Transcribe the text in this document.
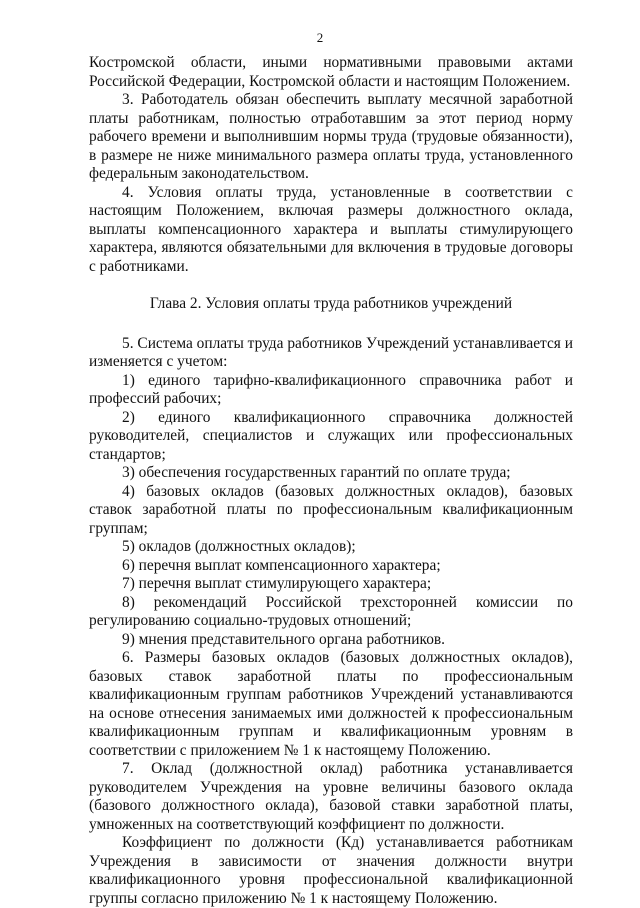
2

Костромской области, иными нормативными правовыми актами Российской Федерации, Костромской области и настоящим Положением.

3. Работодатель обязан обеспечить выплату месячной заработной платы работникам, полностью отработавшим за этот период норму рабочего времени и выполнившим нормы труда (трудовые обязанности), в размере не ниже минимального размера оплаты труда, установленного федеральным законодательством.

4. Условия оплаты труда, установленные в соответствии с настоящим Положением, включая размеры должностного оклада, выплаты компенсационного характера и выплаты стимулирующего характера, являются обязательными для включения в трудовые договоры с работниками.

Глава 2. Условия оплаты труда работников учреждений

5. Система оплаты труда работников Учреждений устанавливается и изменяется с учетом:

1) единого тарифно-квалификационного справочника работ и профессий рабочих;

2) единого квалификационного справочника должностей руководителей, специалистов и служащих или профессиональных стандартов;

3) обеспечения государственных гарантий по оплате труда;

4) базовых окладов (базовых должностных окладов), базовых ставок заработной платы по профессиональным квалификационным группам;

5) окладов (должностных окладов);

6) перечня выплат компенсационного характера;

7) перечня выплат стимулирующего характера;

8) рекомендаций Российской трехсторонней комиссии по регулированию социально-трудовых отношений;

9) мнения представительного органа работников.

6. Размеры базовых окладов (базовых должностных окладов), базовых ставок заработной платы по профессиональным квалификационным группам работников Учреждений устанавливаются на основе отнесения занимаемых ими должностей к профессиональным квалификационным группам и квалификационным уровням в соответствии с приложением № 1 к настоящему Положению.

7. Оклад (должностной оклад) работника устанавливается руководителем Учреждения на уровне величины базового оклада (базового должностного оклада), базовой ставки заработной платы, умноженных на соответствующий коэффициент по должности.

Коэффициент по должности (Кд) устанавливается работникам Учреждения в зависимости от значения должности внутри квалификационного уровня профессиональной квалификационной группы согласно приложению № 1 к настоящему Положению.
